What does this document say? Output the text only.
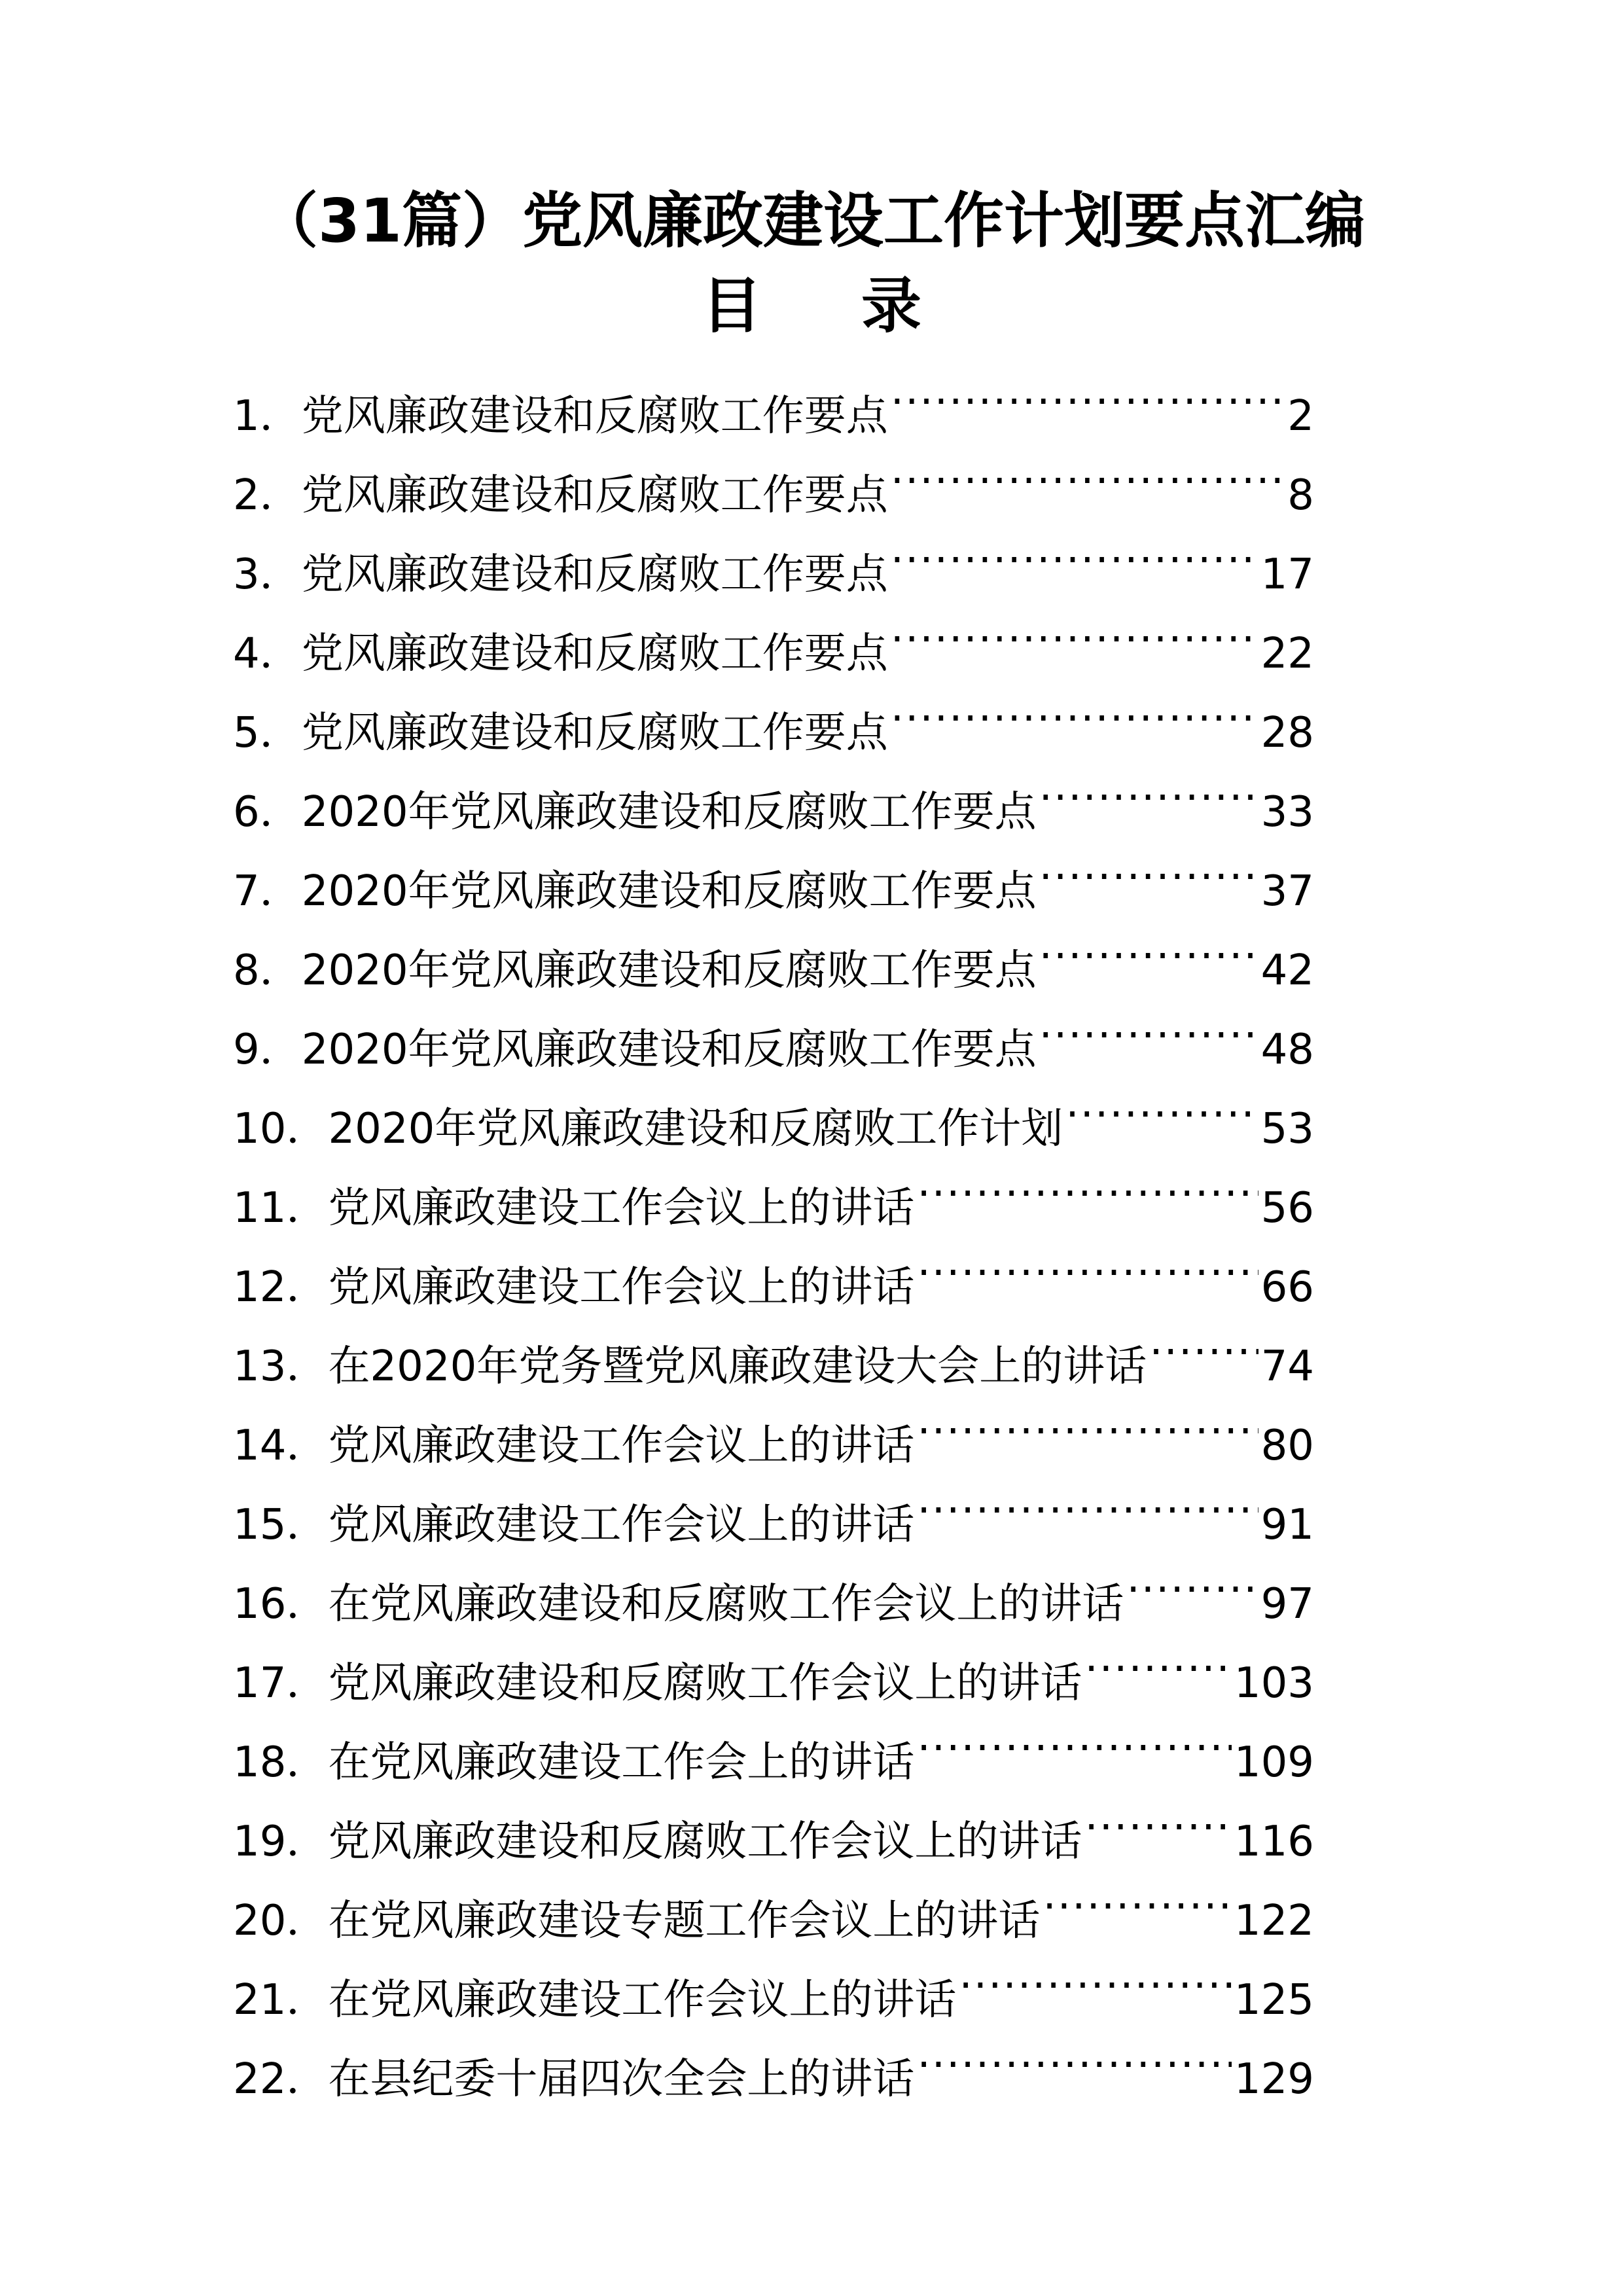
（31篇）党风廉政建设工作计划要点汇编
目 录
1． 党风廉政建设和反腐败工作要点 .....	2
2． 党风廉政建设和反腐败工作要点 .....	8
3． 党风廉政建设和反腐败工作要点 .....	17
4． 党风廉政建设和反腐败工作要点 .....	22
5． 党风廉政建设和反腐败工作要点 .....	28
6． 2020年党风廉政建设和反腐败工作要点 .....	33
7． 2020年党风廉政建设和反腐败工作要点 .....	37
8． 2020年党风廉政建设和反腐败工作要点 .....	42
9． 2020年党风廉政建设和反腐败工作要点 .....	48
10． 2020年党风廉政建设和反腐败工作计划 .....	53
11． 党风廉政建设工作会议上的讲话 .....	56
12． 党风廉政建设工作会议上的讲话 .....	66
13． 在2020年党务暨党风廉政建设大会上的讲话 .....	74
14． 党风廉政建设工作会议上的讲话 .....	80
15． 党风廉政建设工作会议上的讲话 .....	91
16． 在党风廉政建设和反腐败工作会议上的讲话 .....	97
17． 党风廉政建设和反腐败工作会议上的讲话 .....	103
18． 在党风廉政建设工作会上的讲话 .....	109
19． 党风廉政建设和反腐败工作会议上的讲话 .....	116
20． 在党风廉政建设专题工作会议上的讲话 .....	122
21． 在党风廉政建设工作会议上的讲话 .....	125
22． 在县纪委十届四次全会上的讲话 .....	129
